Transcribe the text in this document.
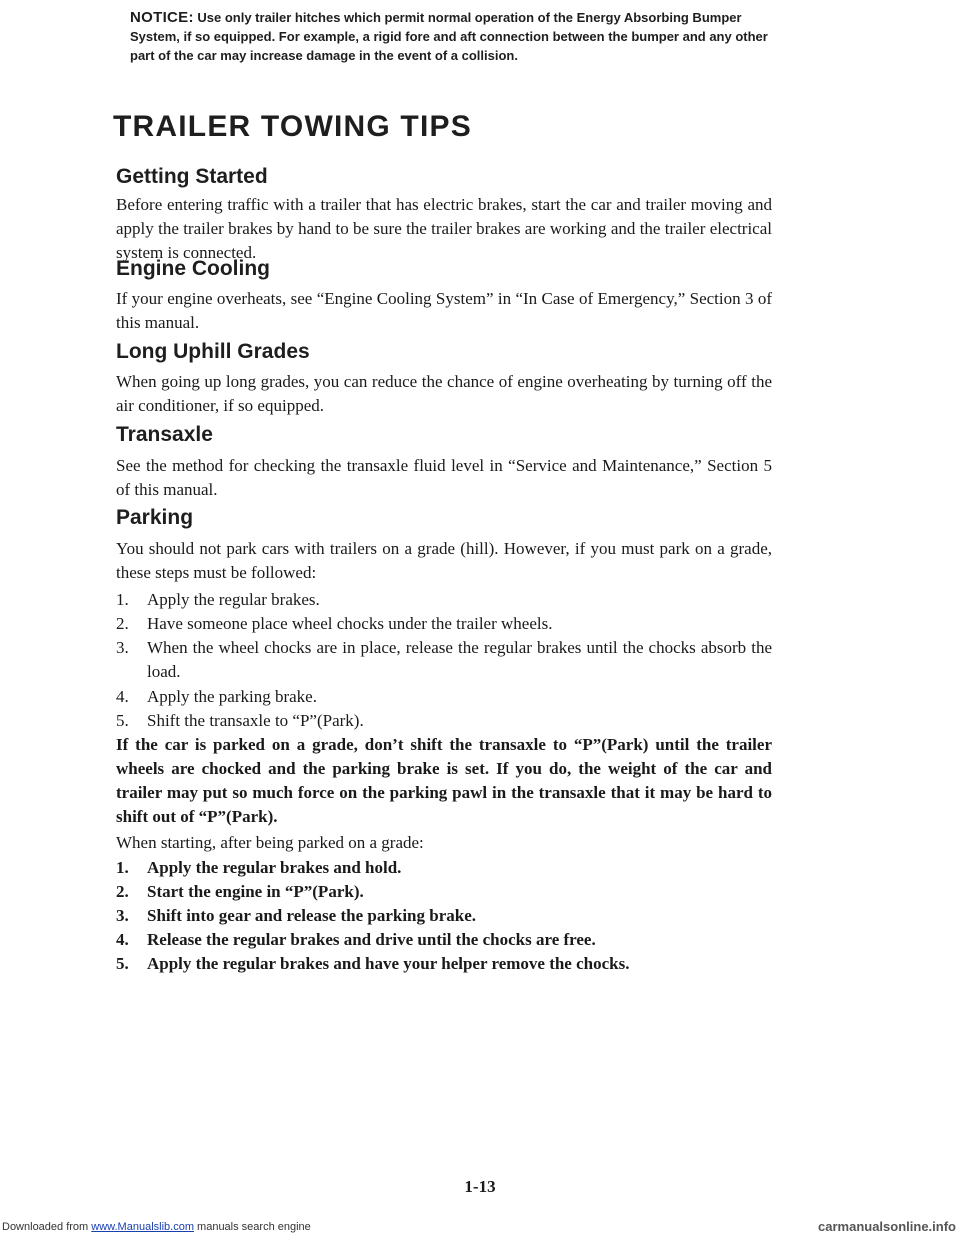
NOTICE: Use only trailer hitches which permit normal operation of the Energy Absorbing Bumper System, if so equipped. For example, a rigid fore and aft connection between the bumper and any other part of the car may increase damage in the event of a collision.
TRAILER TOWING TIPS
Getting Started

Before entering traffic with a trailer that has electric brakes, start the car and trailer moving and apply the trailer brakes by hand to be sure the trailer brakes are working and the trailer electrical system is connected.

Engine Cooling

If your engine overheats, see “Engine Cooling System” in “In Case of Emergency,” Section 3 of this manual.

Long Uphill Grades

When going up long grades, you can reduce the chance of engine overheating by turning off the air conditioner, if so equipped.

Transaxle

See the method for checking the transaxle fluid level in “Service and Maintenance,” Section 5 of this manual.

Parking

You should not park cars with trailers on a grade (hill). However, if you must park on a grade, these steps must be followed:

1.	Apply the regular brakes.
2.	Have someone place wheel chocks under the trailer wheels.
3.	When the wheel chocks are in place, release the regular brakes until the chocks absorb the load.
4.	Apply the parking brake.
5.	Shift the transaxle to “P”(Park).

If the car is parked on a grade, don’t shift the transaxle to “P”(Park) until the trailer wheels are chocked and the parking brake is set. If you do, the weight of the car and trailer may put so much force on the parking pawl in the transaxle that it may be hard to shift out of “P”(Park).

When starting, after being parked on a grade:

1.	Apply the regular brakes and hold.
2.	Start the engine in “P”(Park).
3.	Shift into gear and release the parking brake.
4.	Release the regular brakes and drive until the chocks are free.
5.	Apply the regular brakes and have your helper remove the chocks.
1-13
Downloaded from www.Manualslib.com manuals search engine	carmanualsonline.info
